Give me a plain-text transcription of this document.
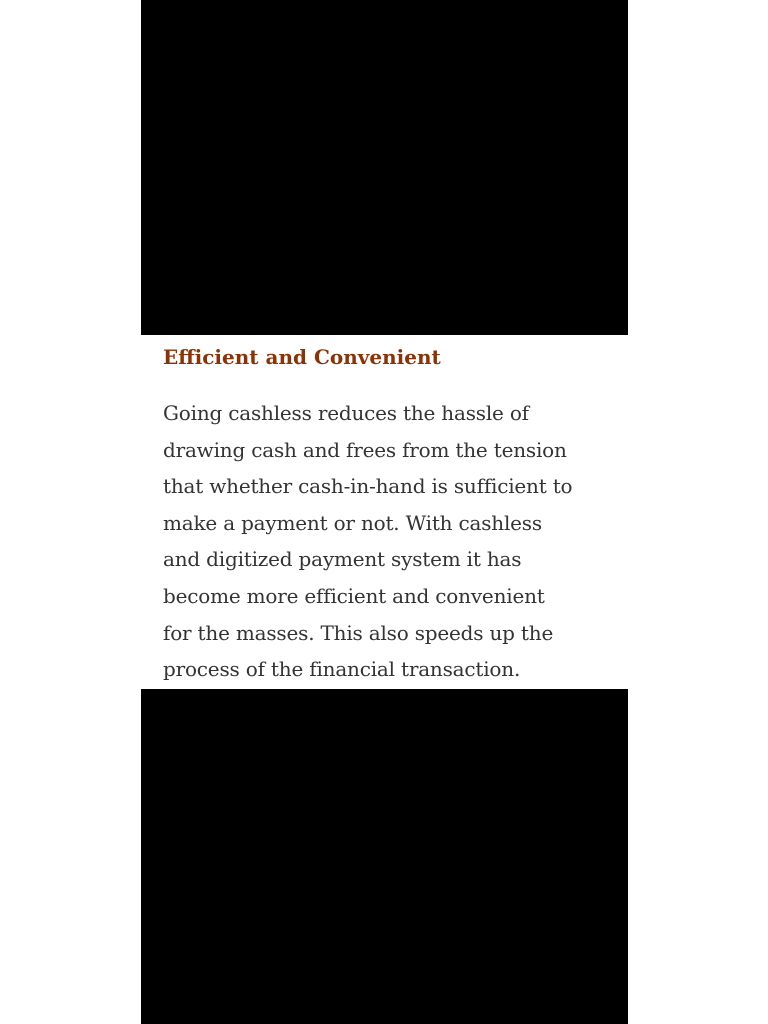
Efficient and Convenient

Going cashless reduces the hassle of
drawing cash and frees from the tension
that whether cash-in-hand is sufficient to
make a payment or not. With cashless
and digitized payment system it has
become more efficient and convenient
for the masses. This also speeds up the
process of the financial transaction.
